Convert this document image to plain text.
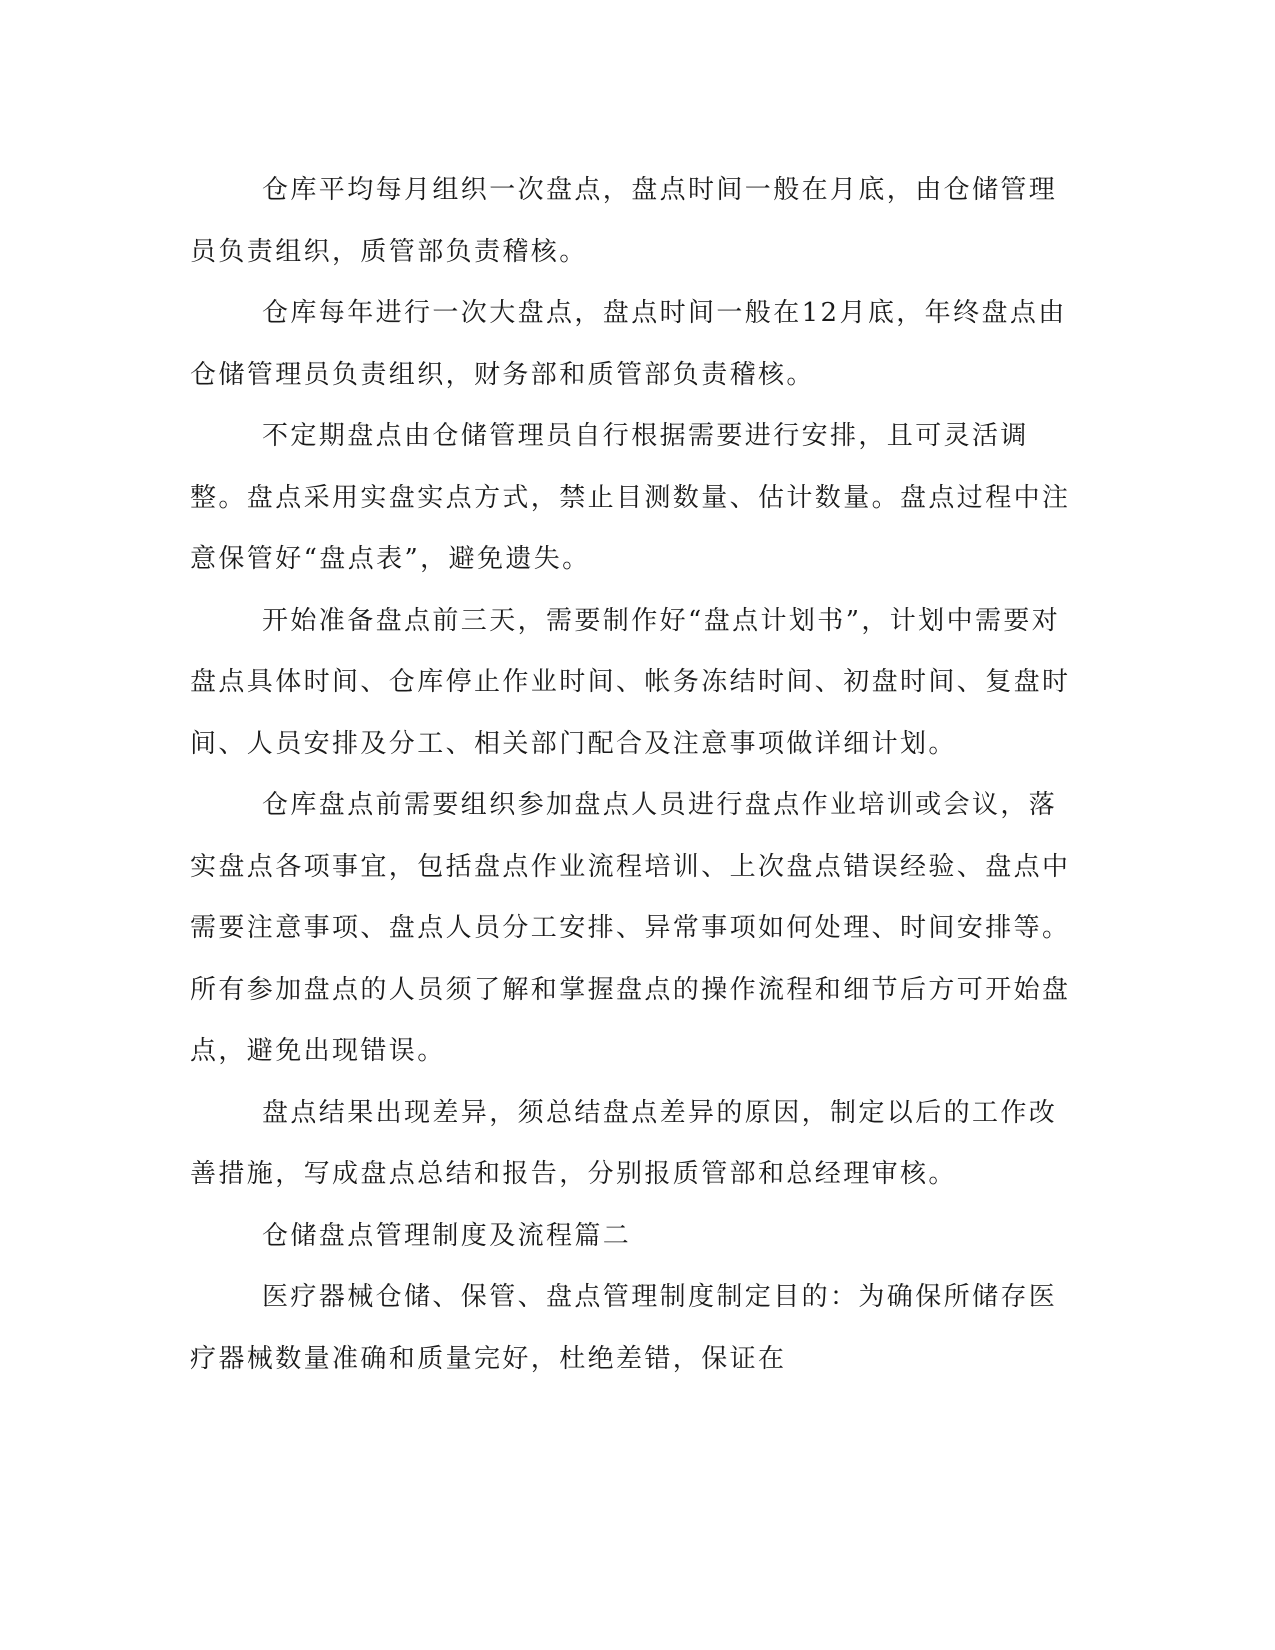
仓库平均每月组织一次盘点，盘点时间一般在月底，由仓储管理员负责组织，质管部负责稽核。

仓库每年进行一次大盘点，盘点时间一般在12月底，年终盘点由仓储管理员负责组织，财务部和质管部负责稽核。

不定期盘点由仓储管理员自行根据需要进行安排，且可灵活调整。盘点采用实盘实点方式，禁止目测数量、估计数量。盘点过程中注意保管好“盘点表”，避免遗失。

开始准备盘点前三天，需要制作好“盘点计划书”，计划中需要对盘点具体时间、仓库停止作业时间、帐务冻结时间、初盘时间、复盘时间、人员安排及分工、相关部门配合及注意事项做详细计划。

仓库盘点前需要组织参加盘点人员进行盘点作业培训或会议，落实盘点各项事宜，包括盘点作业流程培训、上次盘点错误经验、盘点中需要注意事项、盘点人员分工安排、异常事项如何处理、时间安排等。所有参加盘点的人员须了解和掌握盘点的操作流程和细节后方可开始盘点，避免出现错误。

盘点结果出现差异，须总结盘点差异的原因，制定以后的工作改善措施，写成盘点总结和报告，分别报质管部和总经理审核。

仓储盘点管理制度及流程篇二

医疗器械仓储、保管、盘点管理制度制定目的：为确保所储存医疗器械数量准确和质量完好，杜绝差错，保证在
